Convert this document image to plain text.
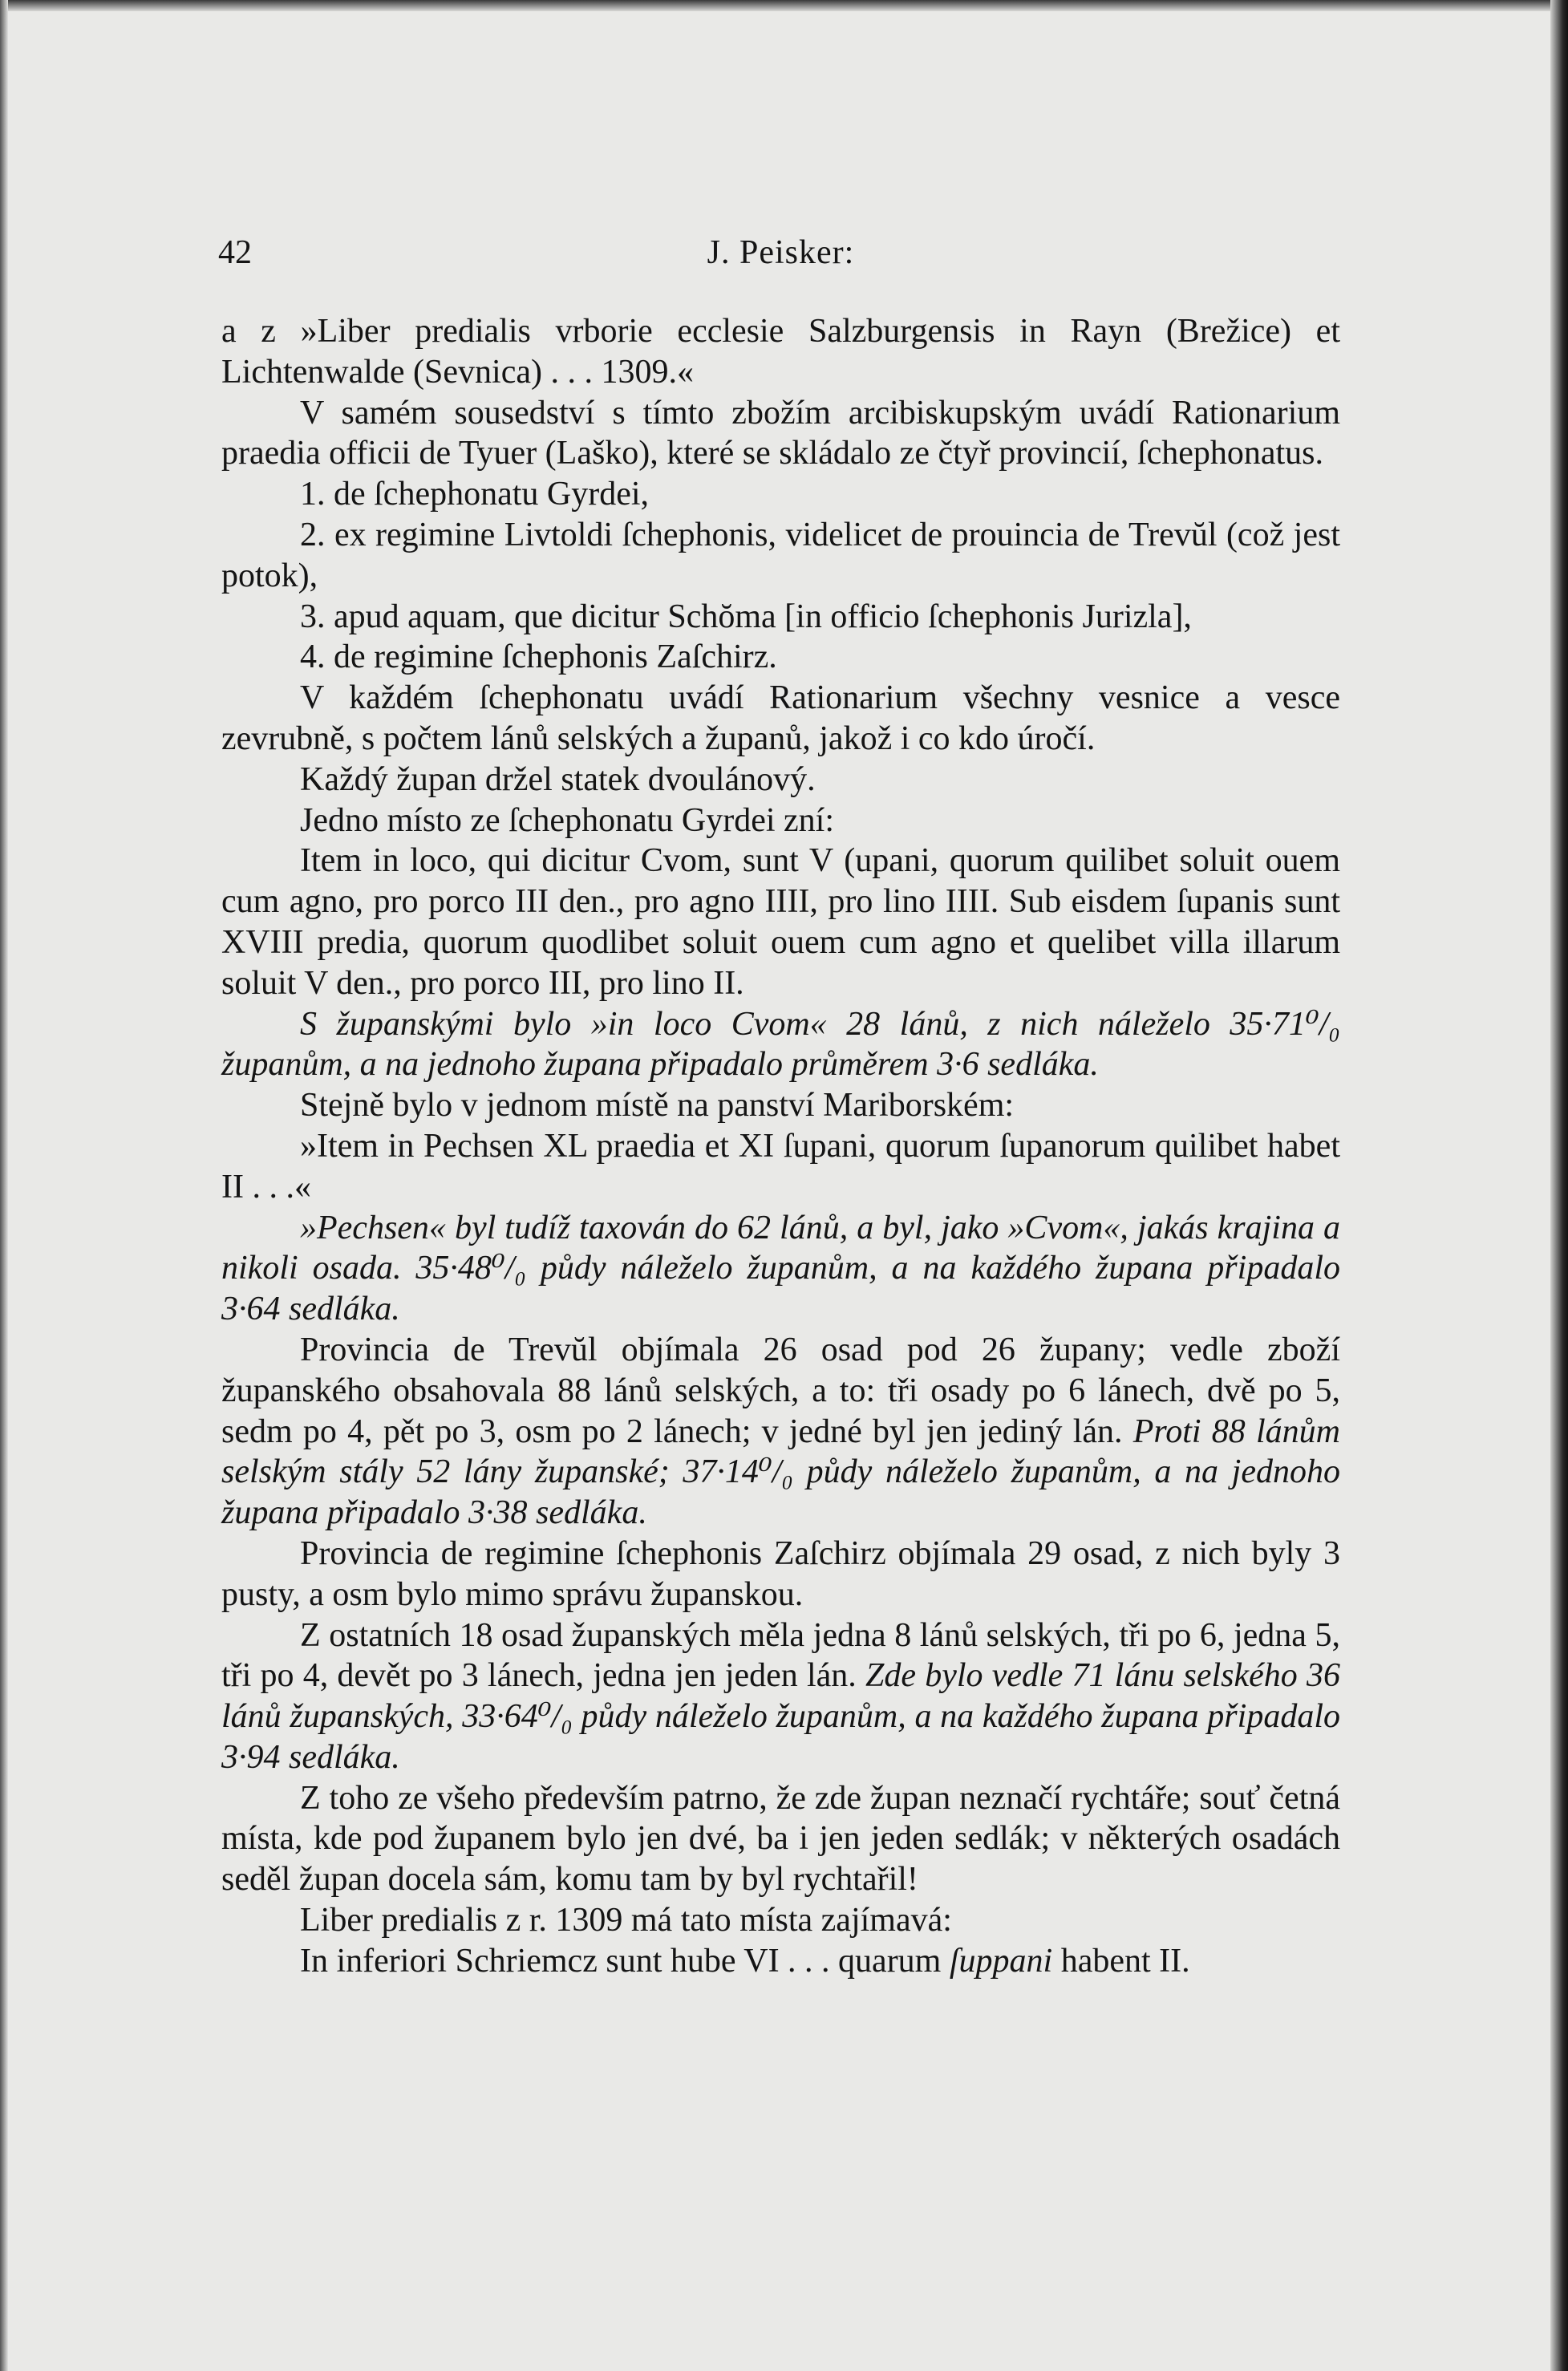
42	J. Peisker:

a z »Liber predialis vrborie ecclesie Salzburgensis in Rayn (Brežice) et Lichtenwalde (Sevnica) . . . 1309.«

V samém sousedství s tímto zbožím arcibiskupským uvádí Rationarium praedia officii de Tyuer (Laško), které se skládalo ze čtyř provincií, ſchephonatus.

1. de ſchephonatu Gyrdei,

2. ex regimine Livtoldi ſchephonis, videlicet de prouincia de Trevŭl (což jest potok),

3. apud aquam, que dicitur Schŏma [in officio ſchephonis Jurizla],

4. de regimine ſchephonis Zaſchirz.

V každém ſchephonatu uvádí Rationarium všechny vesnice a vesce zevrubně, s počtem lánů selských a županů, jakož i co kdo úročí.

Každý župan držel statek dvoulánový.

Jedno místo ze ſchephonatu Gyrdei zní:

Item in loco, qui dicitur Cvom, sunt V (upani, quorum quilibet soluit ouem cum agno, pro porco III den., pro agno IIII, pro lino IIII. Sub eisdem ſupanis sunt XVIII predia, quorum quodlibet soluit ouem cum agno et quelibet villa illarum soluit V den., pro porco III, pro lino II.

S županskými bylo »in loco Cvom« 28 lánů, z nich náleželo 35·71⁰/₀ županům, a na jednoho župana připadalo průměrem 3·6 sedláka.

Stejně bylo v jednom místě na panství Mariborském:

»Item in Pechsen XL praedia et XI ſupani, quorum ſupanorum quilibet habet II . . .«

»Pechsen« byl tudíž taxován do 62 lánů, a byl, jako »Cvom«, jakás krajina a nikoli osada. 35·48⁰/₀ půdy náleželo županům, a na každého župana připadalo 3·64 sedláka.

Provincia de Trevŭl objímala 26 osad pod 26 župany; vedle zboží županského obsahovala 88 lánů selských, a to: tři osady po 6 lánech, dvě po 5, sedm po 4, pět po 3, osm po 2 lánech; v jedné byl jen jediný lán. Proti 88 lánům selským stály 52 lány županské; 37·14⁰/₀ půdy náleželo županům, a na jednoho župana připadalo 3·38 sedláka.

Provincia de regimine ſchephonis Zaſchirz objímala 29 osad, z nich byly 3 pusty, a osm bylo mimo správu županskou.

Z ostatních 18 osad županských měla jedna 8 lánů selských, tři po 6, jedna 5, tři po 4, devět po 3 lánech, jedna jen jeden lán. Zde bylo vedle 71 lánu selského 36 lánů županských, 33·64⁰/₀ půdy náleželo županům, a na každého župana připadalo 3·94 sedláka.

Z toho ze všeho především patrno, že zde župan neznačí rychtáře; souť četná místa, kde pod županem bylo jen dvé, ba i jen jeden sedlák; v některých osadách seděl župan docela sám, komu tam by byl rychtařil!

Liber predialis z r. 1309 má tato místa zajímavá:

In inferiori Schriemcz sunt hube VI . . . quarum ſuppani habent II.
